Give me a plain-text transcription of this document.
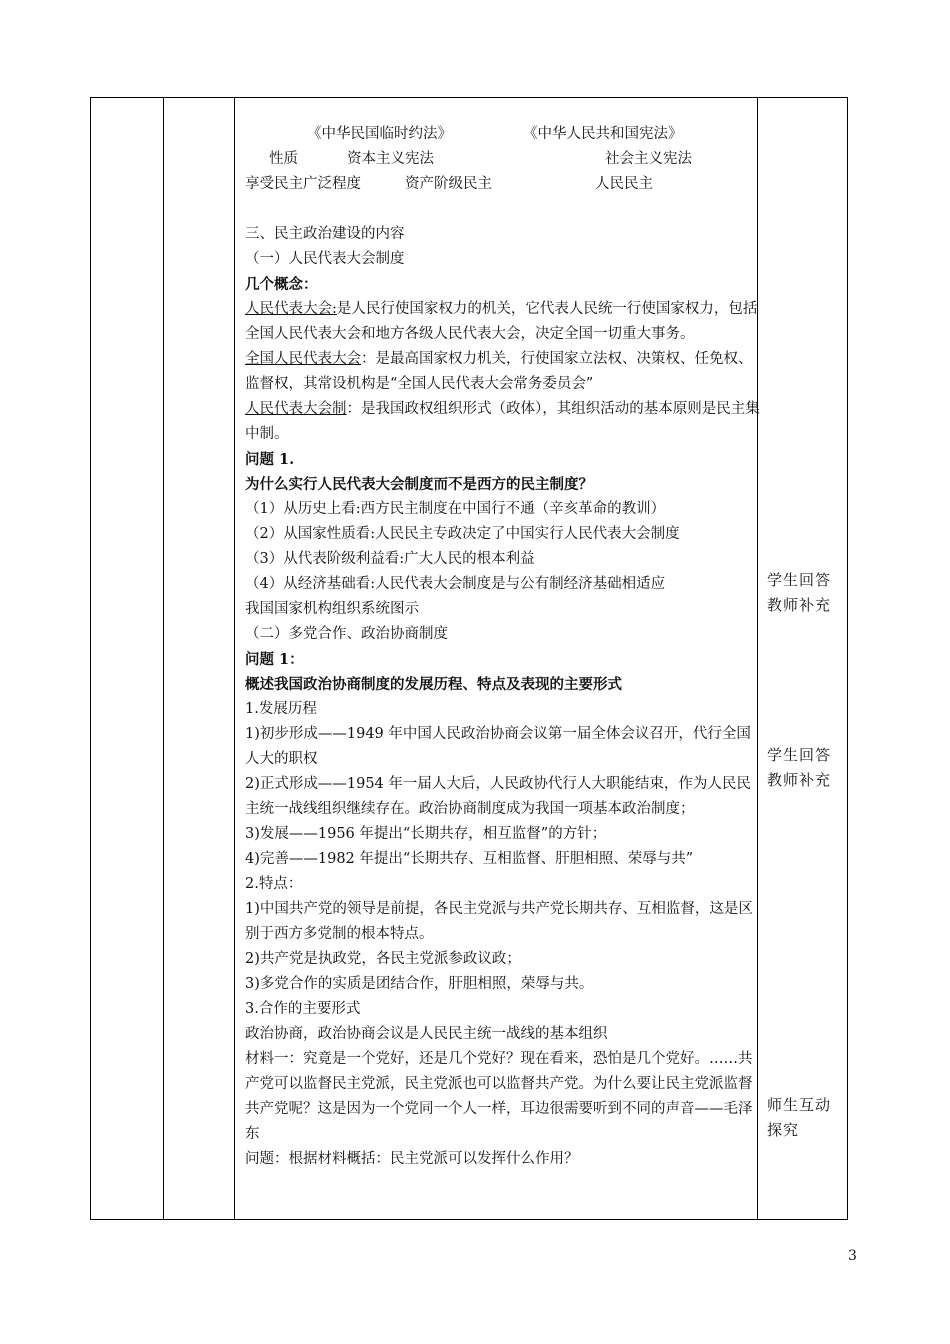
《中华民国临时约法》	《中华人民共和国宪法》
性质	资本主义宪法	社会主义宪法
享受民主广泛程度	资产阶级民主	人民民主
三、民主政治建设的内容
（一）人民代表大会制度
几个概念：
人民代表大会:是人民行使国家权力的机关，它代表人民统一行使国家权力，包括全国人民代表大会和地方各级人民代表大会，决定全国一切重大事务。
全国人民代表大会：是最高国家权力机关，行使国家立法权、决策权、任免权、监督权，其常设机构是“全国人民代表大会常务委员会”
人民代表大会制：是我国政权组织形式（政体），其组织活动的基本原则是民主集中制。
问题 1.
为什么实行人民代表大会制度而不是西方的民主制度？
（1）从历史上看:西方民主制度在中国行不通（辛亥革命的教训）
（2）从国家性质看:人民民主专政决定了中国实行人民代表大会制度
（3）从代表阶级利益看:广大人民的根本利益
（4）从经济基础看:人民代表大会制度是与公有制经济基础相适应
我国国家机构组织系统图示
（二）多党合作、政治协商制度
问题 1：
概述我国政治协商制度的发展历程、特点及表现的主要形式
1.发展历程
1)初步形成——1949 年中国人民政治协商会议第一届全体会议召开，代行全国人大的职权
2)正式形成——1954 年一届人大后，人民政协代行人大职能结束，作为人民民主统一战线组织继续存在。政治协商制度成为我国一项基本政治制度；
3)发展——1956 年提出“长期共存，相互监督”的方针；
4)完善——1982 年提出“长期共存、互相监督、肝胆相照、荣辱与共”
2.特点：
1)中国共产党的领导是前提，各民主党派与共产党长期共存、互相监督，这是区别于西方多党制的根本特点。
2)共产党是执政党，各民主党派参政议政；
3)多党合作的实质是团结合作，肝胆相照，荣辱与共。
3.合作的主要形式
政治协商，政治协商会议是人民民主统一战线的基本组织
材料一：究竟是一个党好，还是几个党好？现在看来，恐怕是几个党好。……共产党可以监督民主党派，民主党派也可以监督共产党。为什么要让民主党派监督共产党呢？这是因为一个党同一个人一样，耳边很需要听到不同的声音——毛泽东
问题：根据材料概括：民主党派可以发挥什么作用？
学生回答教师补充
学生回答教师补充
师生互动探究
3
